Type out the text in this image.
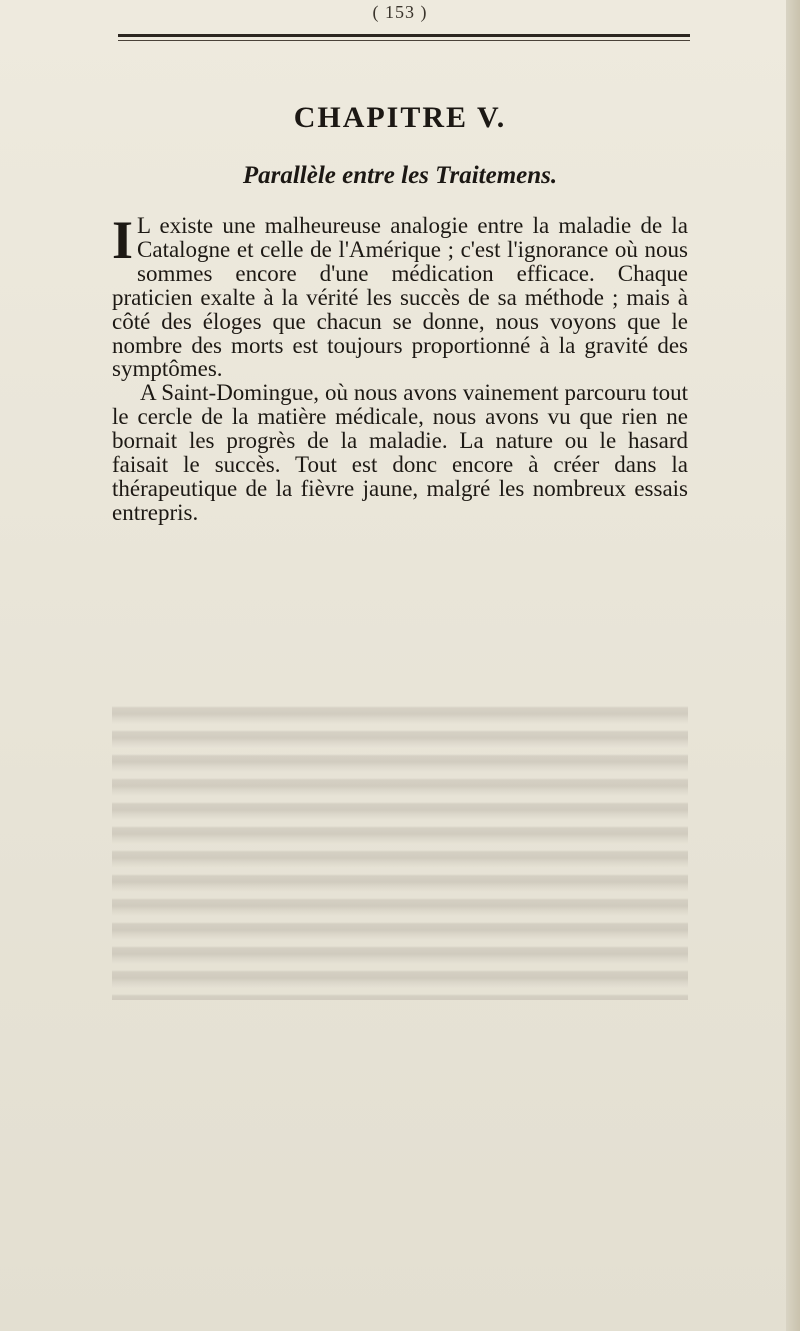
( 153 )
CHAPITRE V.
Parallèle entre les Traitemens.

I L existe une malheureuse analogie entre la maladie de la Catalogne et celle de l'Amérique ; c'est l'ignorance où nous sommes encore d'une médication efficace. Chaque praticien exalte à la vérité les succès de sa méthode ; mais à côté des éloges que chacun se donne, nous voyons que le nombre des morts est toujours proportionné à la gravité des symptômes.

A Saint-Domingue, où nous avons vainement parcouru tout le cercle de la matière médicale, nous avons vu que rien ne bornait les progrès de la maladie. La nature ou le hasard faisait le succès. Tout est donc encore à créer dans la thérapeutique de la fièvre jaune, malgré les nombreux essais entrepris.
